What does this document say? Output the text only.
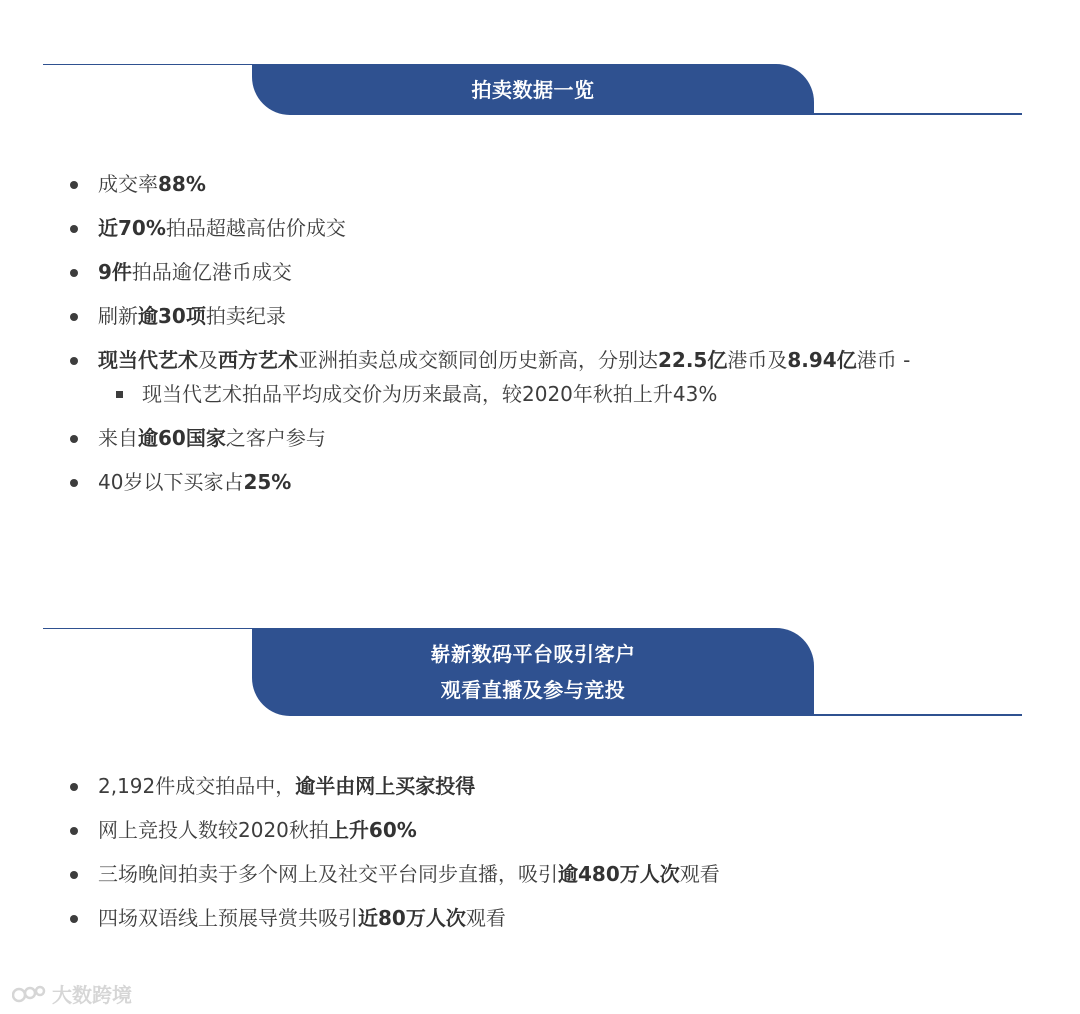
拍卖数据一览
成交率88%
近70%拍品超越高估价成交
9件拍品逾亿港币成交
刷新逾30项拍卖纪录
现当代艺术及西方艺术亚洲拍卖总成交额同创历史新高，分别达22.5亿港币及8.94亿港币 -
现当代艺术拍品平均成交价为历来最高，较2020年秋拍上升43%
来自逾60国家之客户参与
40岁以下买家占25%
崭新数码平台吸引客户
观看直播及参与竞投
2,192件成交拍品中，逾半由网上买家投得
网上竞投人数较2020秋拍上升60%
三场晚间拍卖于多个网上及社交平台同步直播，吸引逾480万人次观看
四场双语线上预展导赏共吸引近80万人次观看
大数跨境
